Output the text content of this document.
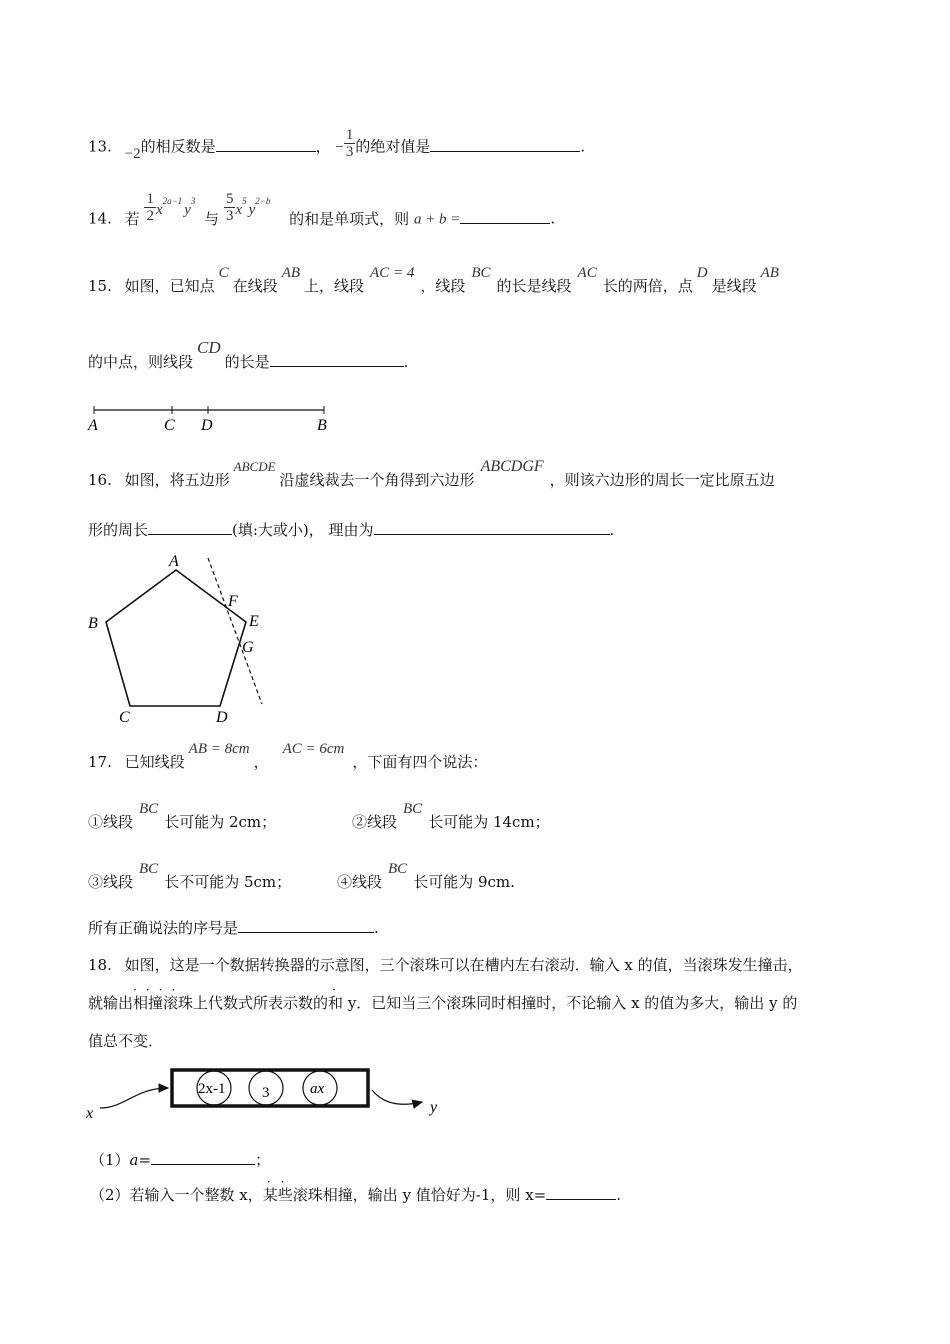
13. −2的相反数是	， − $\frac{1}{3}$ 的绝对值是	.
14. 若 $\frac{1}{2} x^{2a-1}y^3$ 与 $\frac{5}{3} x^5y^{2-b}$ 的和是单项式，则 a + b =	.
15. 如图，已知点C在线段AB上，线段AC = 4，线段BC的长是线段AC长的两倍，点D是线段AB
的中点，则线段CD的长是	.
A	C D	B
16. 如图，将五边形ABCDE沿虚线裁去一个角得到六边形ABCDGF，则该六边形的周长一定比原五边
形的周长	(填:大或小)， 理由为	.
A
B
C	D
E
F
G
17. 已知线段AB = 8cm，AC = 6cm，下面有四个说法：
①线段BC长可能为 2cm；	②线段BC长可能为 14cm；
③线段BC长不可能为 5cm；	④线段BC长可能为 9cm.
所有正确说法的序号是	.
18. 如图，这是一个数据转换器的示意图，三个滚珠可以在槽内左右滚动．输入 x 的值，当滚珠发生撞击，
就输出相撞滚珠
····
上代数式所表示数的和
·
y．已知当三个滚珠同时相撞时，不论输入 x 的值为多大，输出 y 的
值总不变．
x
2x-1 3	ax
y
（1）a=	；
（2）若输入一个整数 x，某些
··
滚珠相撞，输出 y 值恰好为-1，则 x=	.
